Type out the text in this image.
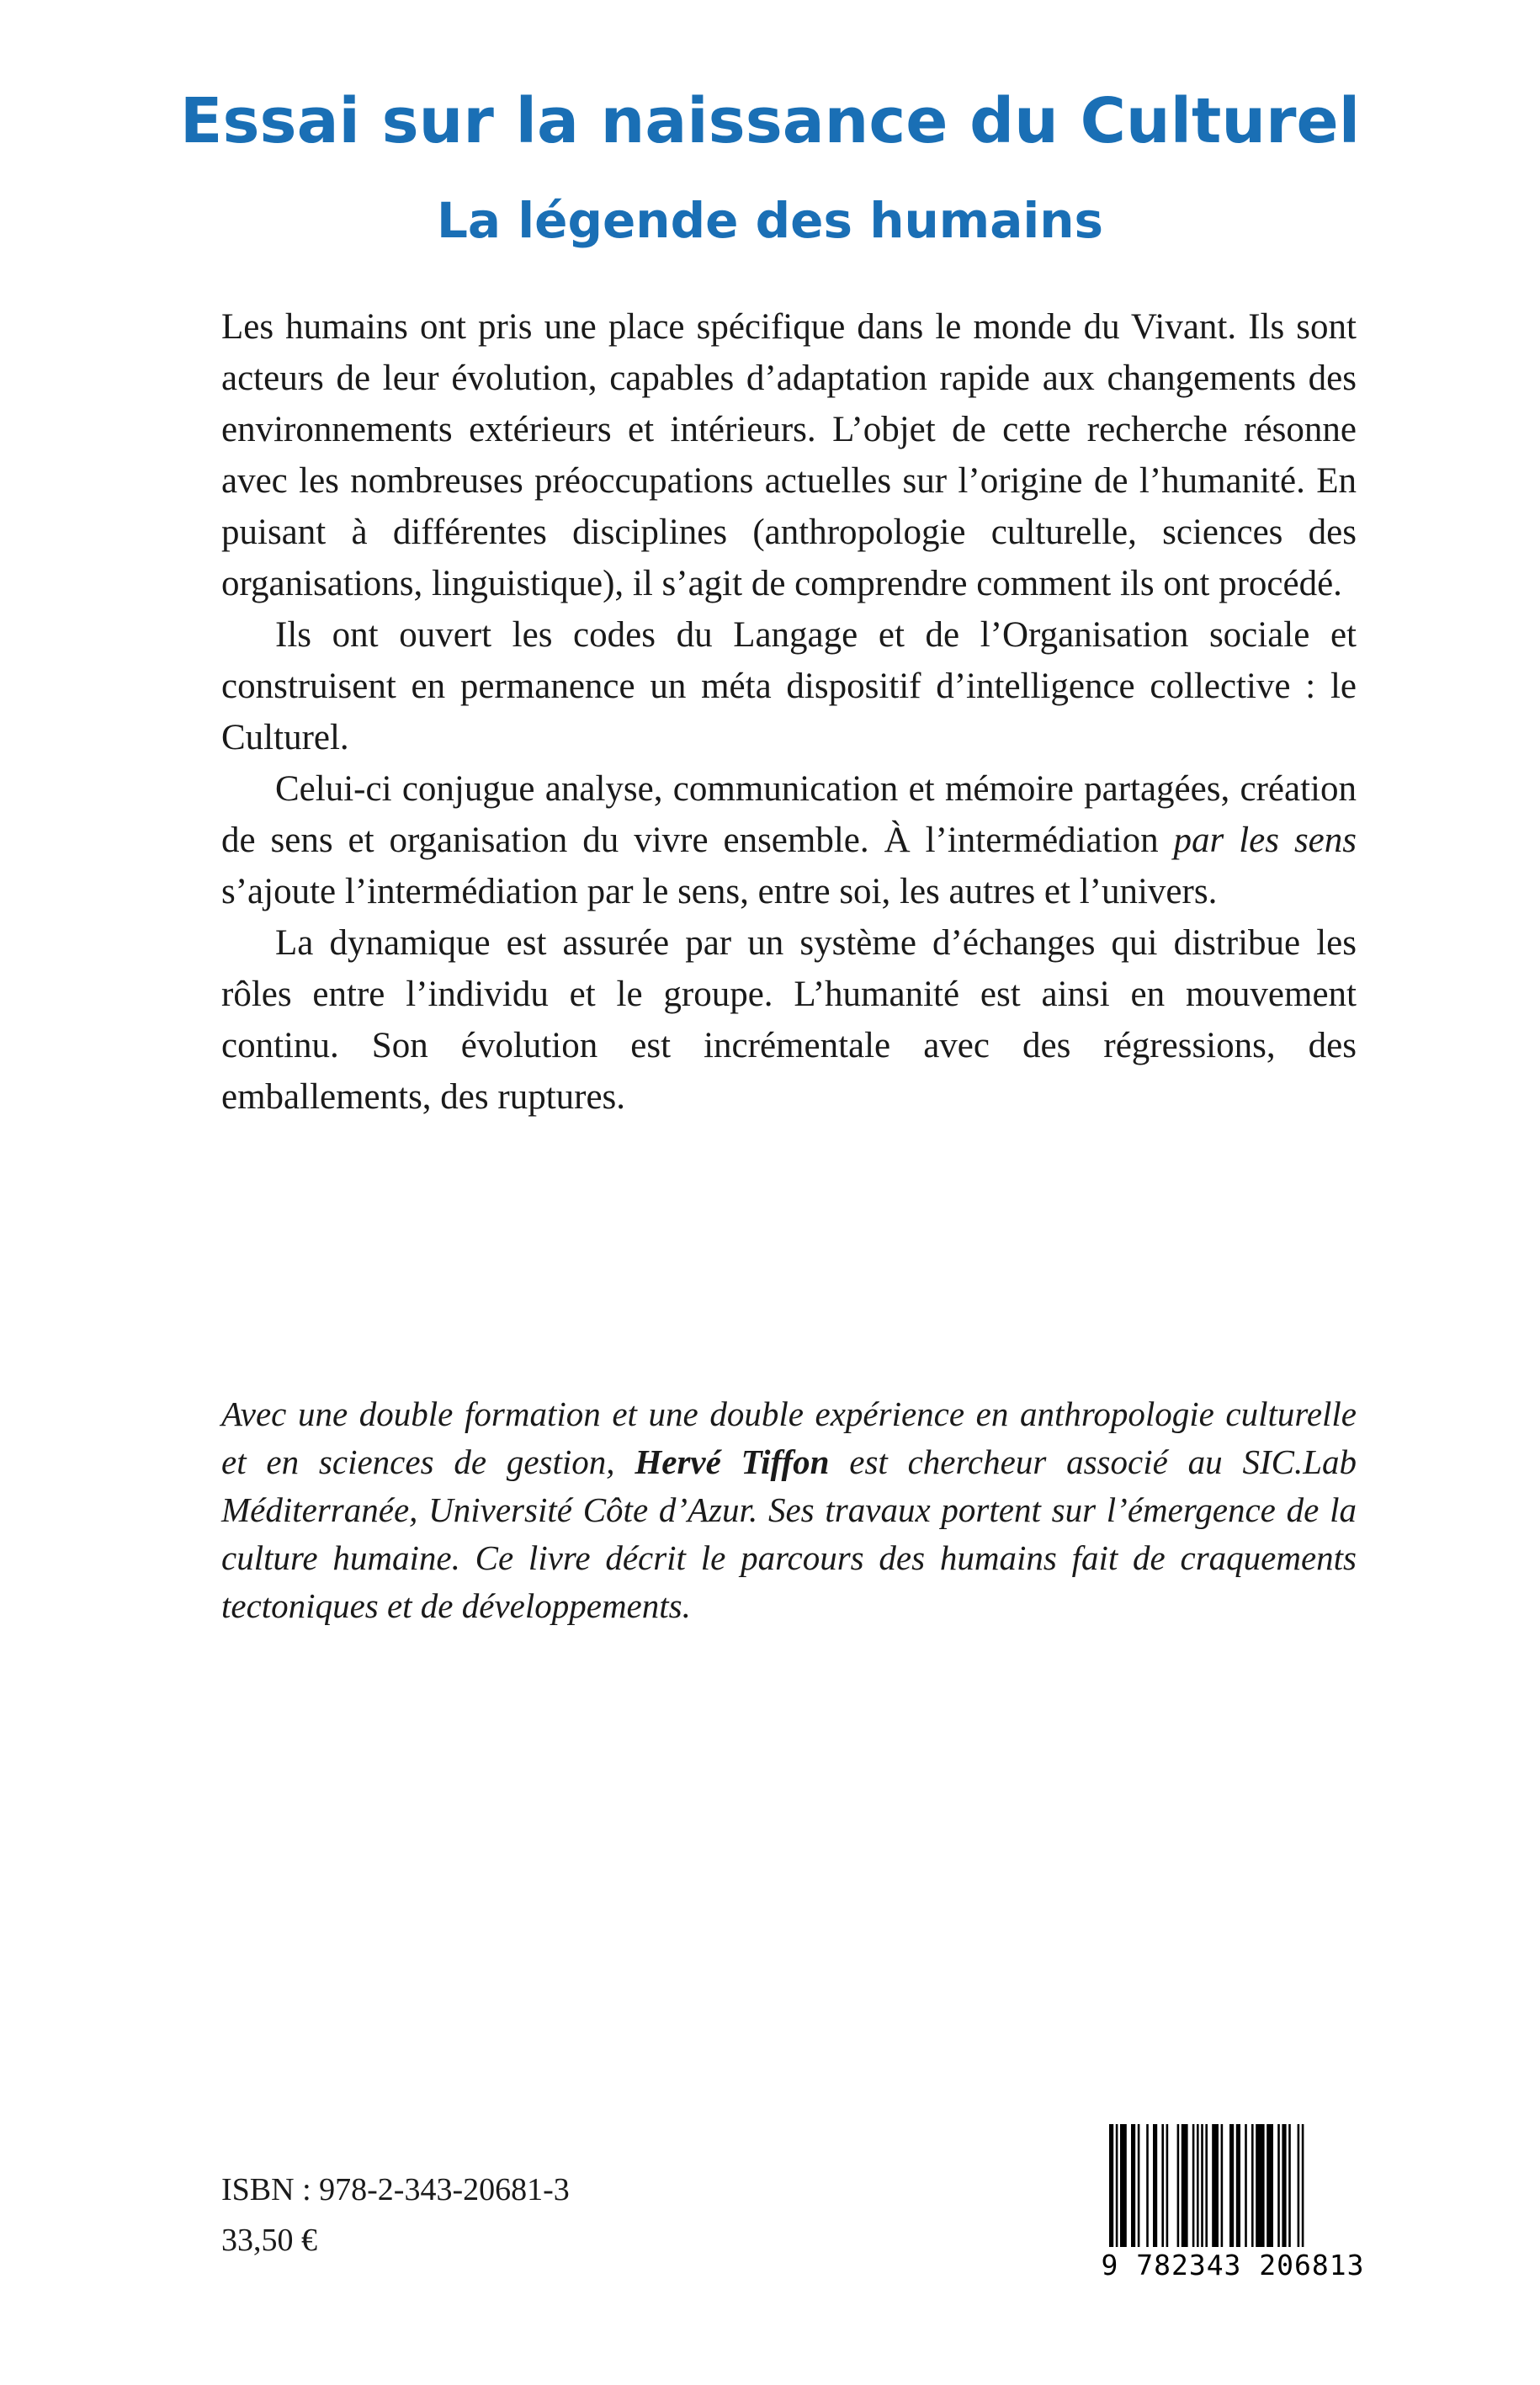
Essai sur la naissance du Culturel
La légende des humains

Les humains ont pris une place spécifique dans le monde du Vivant. Ils sont acteurs de leur évolution, capables d’adaptation rapide aux changements des environnements extérieurs et intérieurs. L’objet de cette recherche résonne avec les nombreuses préoccupations actuelles sur l’origine de l’humanité. En puisant à différentes disciplines (anthropologie culturelle, sciences des organisations, linguistique), il s’agit de comprendre comment ils ont procédé.

Ils ont ouvert les codes du Langage et de l’Organisation sociale et construisent en permanence un méta dispositif d’intelligence collective : le Culturel.

Celui-ci conjugue analyse, communication et mémoire partagées, création de sens et organisation du vivre ensemble. À l’intermédiation par les sens s’ajoute l’intermédiation par le sens, entre soi, les autres et l’univers.

La dynamique est assurée par un système d’échanges qui distribue les rôles entre l’individu et le groupe. L’humanité est ainsi en mouvement continu. Son évolution est incrémentale avec des régressions, des emballements, des ruptures.

Avec une double formation et une double expérience en anthropologie culturelle et en sciences de gestion, Hervé Tiffon est chercheur associé au SIC.Lab Méditerranée, Université Côte d’Azur. Ses travaux portent sur l’émergence de la culture humaine. Ce livre décrit le parcours des humains fait de craquements tectoniques et de développements.

ISBN : 978-2-343-20681-3

33,50 €

9 782343 206813
